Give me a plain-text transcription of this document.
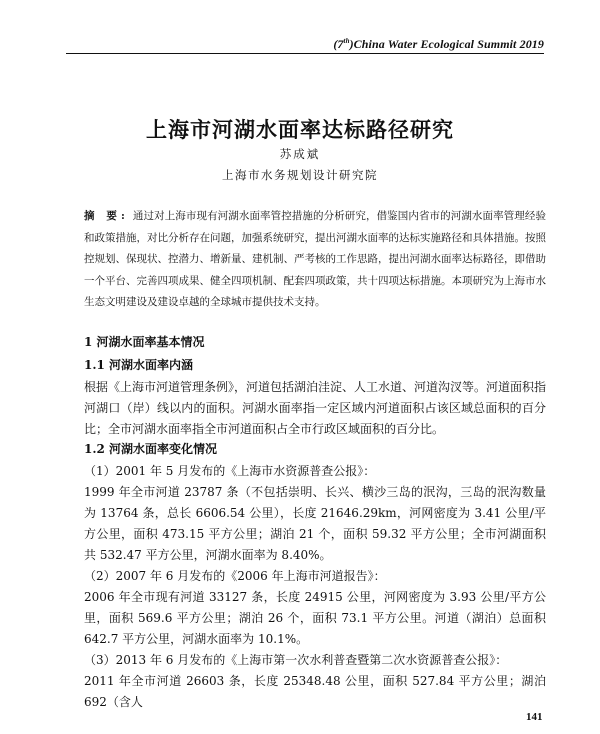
(7th)China Water Ecological Summit 2019
上海市河湖水面率达标路径研究
苏成斌
上海市水务规划设计研究院
摘 要: 通过对上海市现有河湖水面率管控措施的分析研究，借鉴国内省市的河湖水面率管理经验和政策措施，对比分析存在问题，加强系统研究，提出河湖水面率的达标实施路径和具体措施。按照控规划、保现状、控潜力、增新量、建机制、严考核的工作思路，提出河湖水面率达标路径，即借助一个平台、完善四项成果、健全四项机制、配套四项政策，共十四项达标措施。本项研究为上海市水生态文明建设及建设卓越的全球城市提供技术支持。
1 河湖水面率基本情况
1.1 河湖水面率内涵

根据《上海市河道管理条例》，河道包括湖泊洼淀、人工水道、河道沟汊等。河道面积指河湖口（岸）线以内的面积。河湖水面率指一定区域内河道面积占该区域总面积的百分比；全市河湖水面率指全市河道面积占全市行政区域面积的百分比。

1.2 河湖水面率变化情况

（1）2001 年 5 月发布的《上海市水资源普查公报》：

1999 年全市河道 23787 条（不包括崇明、长兴、横沙三岛的泯沟，三岛的泯沟数量为 13764 条，总长 6606.54 公里），长度 21646.29km，河网密度为 3.41 公里/平方公里，面积 473.15 平方公里；湖泊 21 个，面积 59.32 平方公里；全市河湖面积共 532.47 平方公里，河湖水面率为 8.40%。

（2）2007 年 6 月发布的《2006 年上海市河道报告》：

2006 年全市现有河道 33127 条，长度 24915 公里，河网密度为 3.93 公里/平方公里，面积 569.6 平方公里；湖泊 26 个，面积 73.1 平方公里。河道（湖泊）总面积 642.7 平方公里，河湖水面率为 10.1%。

（3）2013 年 6 月发布的《上海市第一次水利普查暨第二次水资源普查公报》：

2011 年全市河道 26603 条，长度 25348.48 公里，面积 527.84 平方公里；湖泊 692（含人

141
